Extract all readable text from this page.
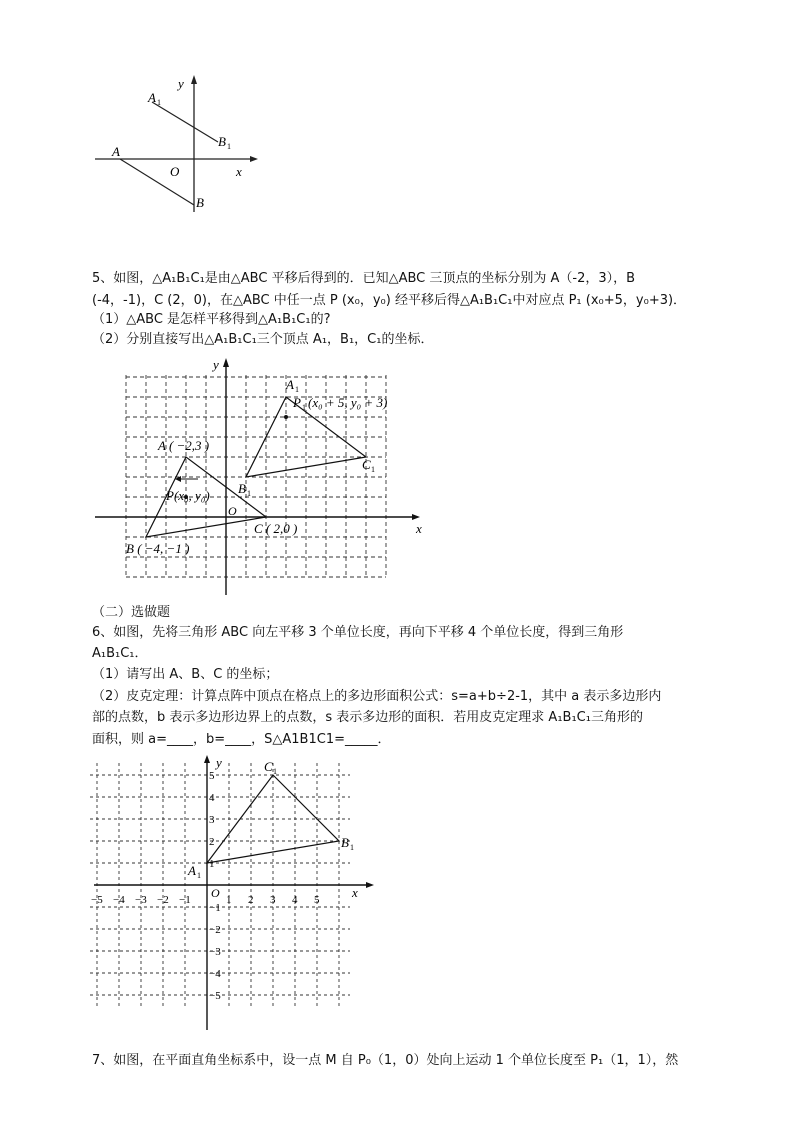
A 1
B 1
A
O	x
y
B
5、如图，△A₁B₁C₁是由△ABC 平移后得到的．已知△ABC 三顶点的坐标分别为 A（-2，3），B
(-4，-1)，C (2，0)，在△ABC 中任一点 P (x₀，y₀) 经平移后得△A₁B₁C₁中对应点 P₁ (x₀+5，y₀+3)．
（1）△ABC 是怎样平移得到△A₁B₁C₁的?
（2）分别直接写出△A₁B₁C₁三个顶点 A₁，B₁，C₁的坐标．
y
A 1
P 1 (x₀ + 5, y₀ + 3)
A ( −2,3 )
C 1
B 1
P(x₀, y₀)
O
C ( 2,0 )	x
B ( −4, −1 )
（二）选做题
6、如图，先将三角形 ABC 向左平移 3 个单位长度，再向下平移 4 个单位长度，得到三角形
A₁B₁C₁．
（1）请写出 A、B、C 的坐标；
（2）皮克定理：计算点阵中顶点在格点上的多边形面积公式：s=a+b÷2-1，其中 a 表示多边形内
部的点数，b 表示多边形边界上的点数，s 表示多边形的面积．若用皮克定理求 A₁B₁C₁三角形的
面积，则 a=____，b=____，S△A1B1C1=_____．
y	C 1
B 1
A 1
O	x
−5 −4 −3 −2 −1	1 2 3 4 5
5
4
3
2
1
−1
−2
−3
−4
−5
7、如图，在平面直角坐标系中，设一点 M 自 P₀（1，0）处向上运动 1 个单位长度至 P₁（1，1），然
